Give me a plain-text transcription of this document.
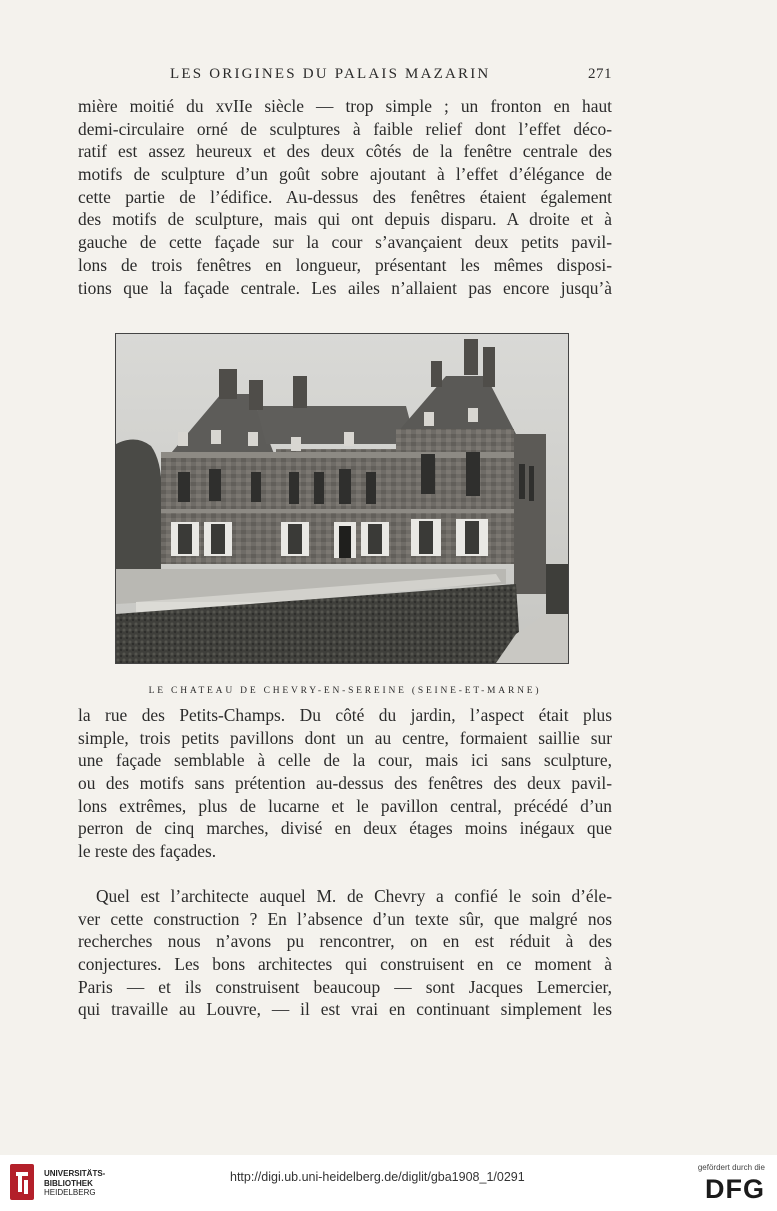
LES ORIGINES DU PALAIS MAZARIN	271
mière moitié du xvIIe siècle — trop simple ; un fronton en haut
demi-circulaire orné de sculptures à faible relief dont l’effet déco-
ratif est assez heureux et des deux côtés de la fenêtre centrale des
motifs de sculpture d’un goût sobre ajoutant à l’effet d’élégance de
cette partie de l’édifice. Au-dessus des fenêtres étaient également
des motifs de sculpture, mais qui ont depuis disparu. A droite et à
gauche de cette façade sur la cour s’avançaient deux petits pavil-
lons de trois fenêtres en longueur, présentant les mêmes disposi-
tions que la façade centrale. Les ailes n’allaient pas encore jusqu’à
LE CHATEAU DE CHEVRY-EN-SEREINE (SEINE-ET-MARNE)
la rue des Petits-Champs. Du côté du jardin, l’aspect était plus
simple, trois petits pavillons dont un au centre, formaient saillie sur
une façade semblable à celle de la cour, mais ici sans sculpture,
ou des motifs sans prétention au-dessus des fenêtres des deux pavil-
lons extrêmes, plus de lucarne et le pavillon central, précédé d’un
perron de cinq marches, divisé en deux étages moins inégaux que
le reste des façades.
Quel est l’architecte auquel M. de Chevry a confié le soin d’éle-
ver cette construction ? En l’absence d’un texte sûr, que malgré nos
recherches nous n’avons pu rencontrer, on en est réduit à des
conjectures. Les bons architectes qui construisent en ce moment à
Paris — et ils construisent beaucoup — sont Jacques Lemercier,
qui travaille au Louvre, — il est vrai en continuant simplement les
UNIVERSITÄTS-
BIBLIOTHEK
HEIDELBERG
http://digi.ub.uni-heidelberg.de/diglit/gba1908_1/0291
gefördert durch die
DFG
